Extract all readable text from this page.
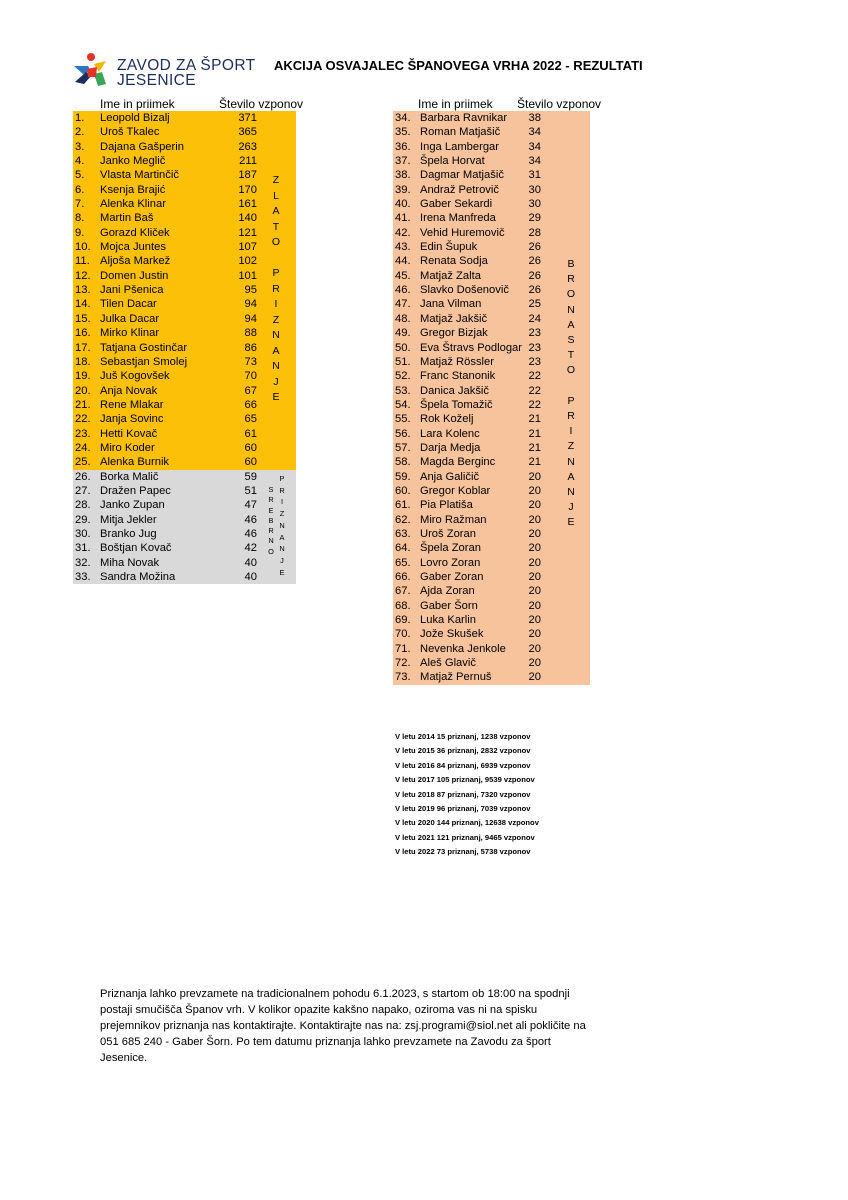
ZAVOD ZA ŠPORT
JESENICE
AKCIJA OSVAJALEC ŠPANOVEGA VRHA 2022 - REZULTATI
Ime in priimek	Število vzponov	Ime in priimek Število vzponov
1. Leopold Bizalj	371
2. Uroš Tkalec	365
3. Dajana Gašperin	263
4. Janko Meglič	211
5. Vlasta Martinčič	187
6. Ksenja Brajić	170
7. Alenka Klinar	161
8. Martin Baš	140
9. Gorazd Kliček	121
10. Mojca Juntes	107
11. Aljoša Markež	102
12. Domen Justin	101
13. Jani Pšenica	95
14. Tilen Dacar	94
15. Julka Dacar	94
16. Mirko Klinar	88
17. Tatjana Gostinčar	86
18. Sebastjan Smolej	73
19. Juš Kogovšek	70
20. Anja Novak	67
21. Rene Mlakar	66
22. Janja Sovinc	65
23. Hetti Kovač	61
24. Miro Koder	60
25. Alenka Burnik	60
26. Borka Malič	59
27. Dražen Papec	51
28. Janko Zupan	47
29. Mitja Jekler	46
30. Branko Jug	46
31. Boštjan Kovač	42
32. Miha Novak	40
33. Sandra Možina	40
34. Barbara Ravnikar	38
35. Roman Matjašič	34
36. Inga Lambergar	34
37. Špela Horvat	34
38. Dagmar Matjašič	31
39. Andraž Petrovič	30
40. Gaber Sekardi	30
41. Irena Manfreda	29
42. Vehid Huremovič	28
43. Edin Šupuk	26
44. Renata Sodja	26
45. Matjaž Zalta	26
46. Slavko Došenovič	26
47. Jana Vilman	25
48. Matjaž Jakšič	24
49. Gregor Bizjak	23
50. Eva Štravs Podlogar 23
51. Matjaž Rössler	23
52. Franc Stanonik	22
53. Danica Jakšič	22
54. Špela Tomažič	22
55. Rok Koželj	21
56. Lara Kolenc	21
57. Darja Medja	21
58. Magda Berginc	21
59. Anja Galičič	20
60. Gregor Koblar	20
61. Pia Platiša	20
62. Miro Ražman	20
63. Uroš Zoran	20
64. Špela Zoran	20
65. Lovro Zoran	20
66. Gaber Zoran	20
67. Ajda Zoran	20
68. Gaber Šorn	20
69. Luka Karlin	20
70. Jože Skušek	20
71. Nevenka Jenkole	20
72. Aleš Glavič	20
73. Matjaž Pernuš	20
Z
L
A
T
O

P
R
I
Z
N
A
N
J
E
S
R
E
B
R
N
O
P
R
I
Z
N
A
N
J
E
B
R
O
N
A
S
T
O

P
R
I
Z
N
A
N
J
E
V letu 2014 15 priznanj, 1238 vzponov
V letu 2015 36 priznanj, 2832 vzponov
V letu 2016 84 priznanj, 6939 vzponov
V letu 2017 105 priznanj, 9539 vzponov
V letu 2018 87 priznanj, 7320 vzponov
V letu 2019 96 priznanj, 7039 vzponov
V letu 2020 144 priznanj, 12638 vzponov
V letu 2021 121 priznanj, 9465 vzponov
V letu 2022 73 priznanj, 5738 vzponov
Priznanja lahko prevzamete na tradicionalnem pohodu 6.1.2023, s startom ob 18:00 na spodnji postaji smučišča Španov vrh. V kolikor opazite kakšno napako, oziroma vas ni na spisku prejemnikov priznanja nas kontaktirajte. Kontaktirajte nas na: zsj.programi@siol.net ali pokličite na 051 685 240 - Gaber Šorn. Po tem datumu priznanja lahko prevzamete na Zavodu za šport Jesenice.
